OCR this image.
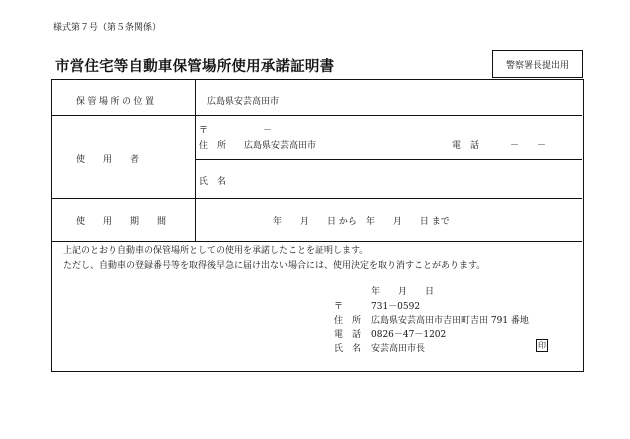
様式第７号（第５条関係）
市営住宅等自動車保管場所使用承諾証明書	警察署長提出用
保管場所の位置	広島県安芸高田市
使　　用　　者
〒	－
住　所 広島県安芸高田市	電　話	－　　－
氏　名
使　　用　　期　　間	年　　月　　日 から　年　　月　　日 まで
上記のとおり自動車の保管場所としての使用を承諾したことを証明します。
ただし、自動車の登録番号等を取得後早急に届け出ない場合には、使用決定を取り消すことがあります。
年　　月　　日
〒	731－0592
住　所 広島県安芸高田市吉田町吉田 791 番地
電　話 0826－47－1202
氏　名 安芸高田市長	印
